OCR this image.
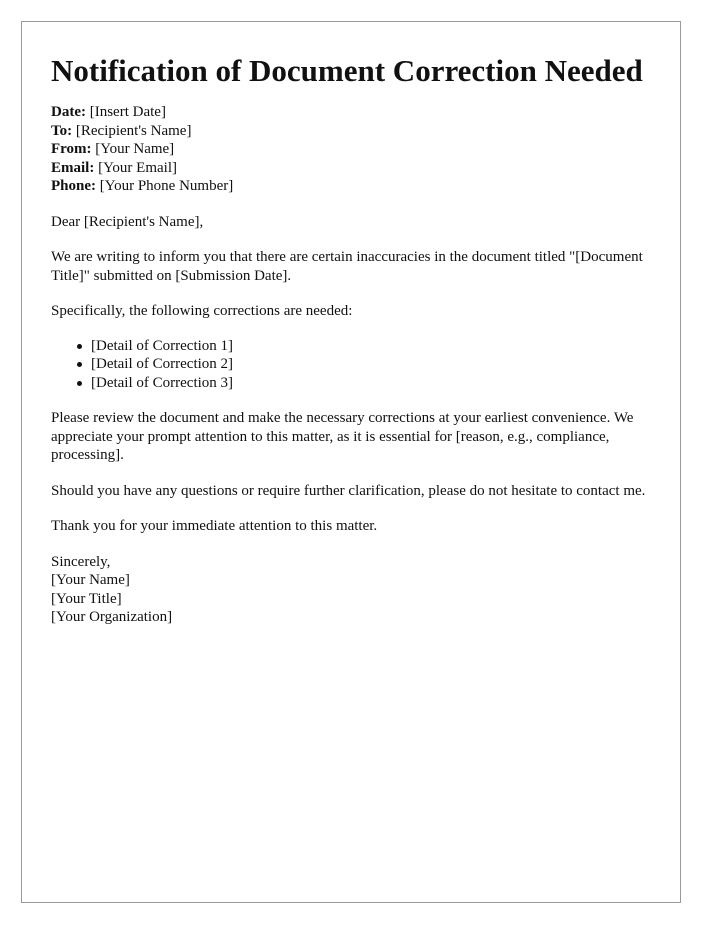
Notification of Document Correction Needed
Date: [Insert Date]
To: [Recipient's Name]
From: [Your Name]
Email: [Your Email]
Phone: [Your Phone Number]

Dear [Recipient's Name],

We are writing to inform you that there are certain inaccuracies in the document titled "[Document Title]" submitted on [Submission Date].

Specifically, the following corrections are needed:

[Detail of Correction 1]
[Detail of Correction 2]
[Detail of Correction 3]

Please review the document and make the necessary corrections at your earliest convenience. We appreciate your prompt attention to this matter, as it is essential for [reason, e.g., compliance, processing].

Should you have any questions or require further clarification, please do not hesitate to contact me.

Thank you for your immediate attention to this matter.

Sincerely,
[Your Name]
[Your Title]
[Your Organization]
